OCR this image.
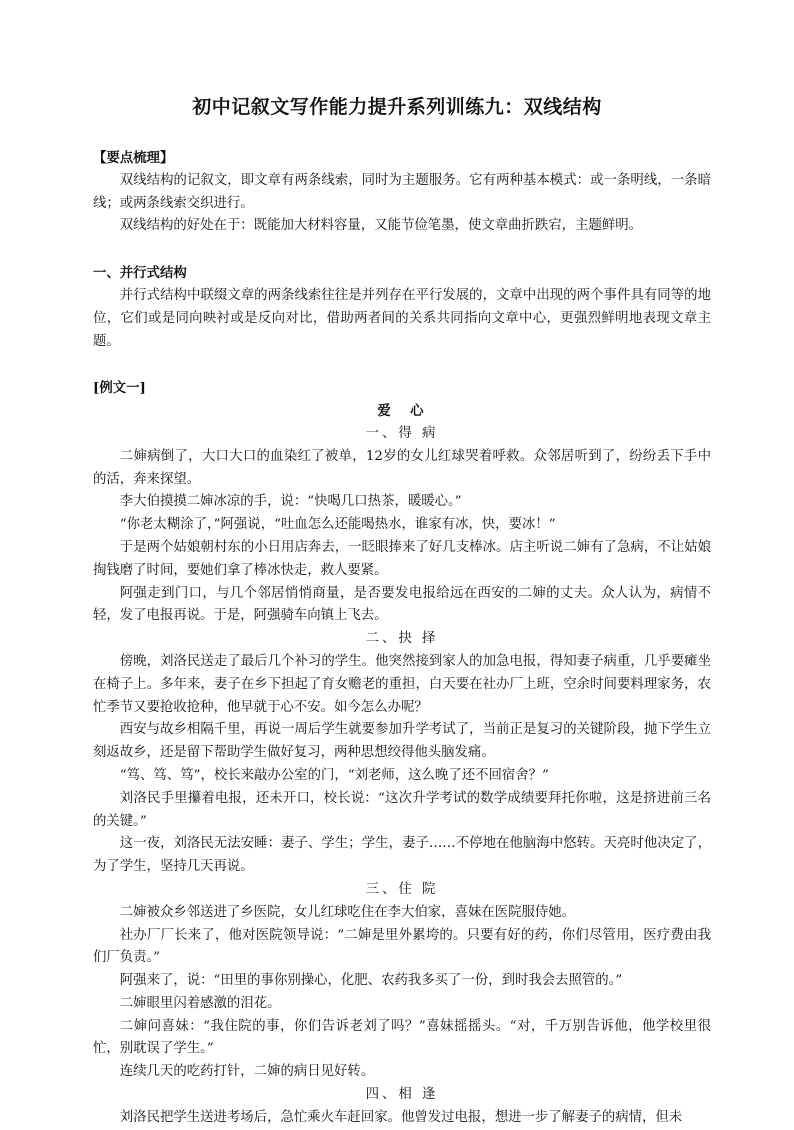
初中记叙文写作能力提升系列训练九：双线结构

【要点梳理】

双线结构的记叙文，即文章有两条线索，同时为主题服务。它有两种基本模式：或一条明线，一条暗线；或两条线索交织进行。

双线结构的好处在于：既能加大材料容量，又能节俭笔墨，使文章曲折跌宕，主题鲜明。

一、并行式结构

并行式结构中联缀文章的两条线索往往是并列存在平行发展的，文章中出现的两个事件具有同等的地位，它们或是同向映衬或是反向对比，借助两者间的关系共同指向文章中心，更强烈鲜明地表现文章主题。

[例文一]

爱　心

一、得 病

二婶病倒了，大口大口的血染红了被单，12岁的女儿红球哭着呼救。众邻居听到了，纷纷丢下手中的活，奔来探望。

李大伯摸摸二婶冰凉的手，说：“快喝几口热茶，暖暖心。”

“你老太糊涂了，”阿强说，“吐血怎么还能喝热水，谁家有冰，快，要冰！”

于是两个姑娘朝村东的小日用店奔去，一眨眼捧来了好几支棒冰。店主听说二婶有了急病，不让姑娘掏钱磨了时间，要她们拿了棒冰快走，救人要紧。

阿强走到门口，与几个邻居悄悄商量，是否要发电报给远在西安的二婶的丈夫。众人认为，病情不轻，发了电报再说。于是，阿强骑车向镇上飞去。

二、抉 择

傍晚，刘洛民送走了最后几个补习的学生。他突然接到家人的加急电报，得知妻子病重，几乎要瘫坐在椅子上。多年来，妻子在乡下担起了育女赡老的重担，白天要在社办厂上班，空余时间要料理家务，农忙季节又要抢收抢种，他早就于心不安。如今怎么办呢？

西安与故乡相隔千里，再说一周后学生就要参加升学考试了，当前正是复习的关键阶段，抛下学生立刻返故乡，还是留下帮助学生做好复习，两种思想绞得他头脑发痛。

“笃、笃、笃”，校长来敲办公室的门，“刘老师，这么晚了还不回宿舍？”

刘洛民手里攥着电报，还未开口，校长说：“这次升学考试的数学成绩要拜托你啦，这是挤进前三名的关键。”

这一夜，刘洛民无法安睡：妻子、学生；学生，妻子……不停地在他脑海中悠转。天亮时他决定了，为了学生，坚持几天再说。

三、住 院

二婶被众乡邻送进了乡医院，女儿红球吃住在李大伯家，喜妹在医院服侍她。

社办厂厂长来了，他对医院领导说：“二婶是里外累垮的。只要有好的药，你们尽管用，医疗费由我们厂负责。”

阿强来了，说：“田里的事你别操心，化肥、农药我多买了一份，到时我会去照管的。”

二婶眼里闪着感激的泪花。

二婶问喜妹：“我住院的事，你们告诉老刘了吗？”喜妹摇摇头。“对，千万别告诉他，他学校里很忙，别耽误了学生。”

连续几天的吃药打针，二婶的病日见好转。

四、相 逢

刘洛民把学生送进考场后，急忙乘火车赶回家。他曾发过电报，想进一步了解妻子的病情，但未
